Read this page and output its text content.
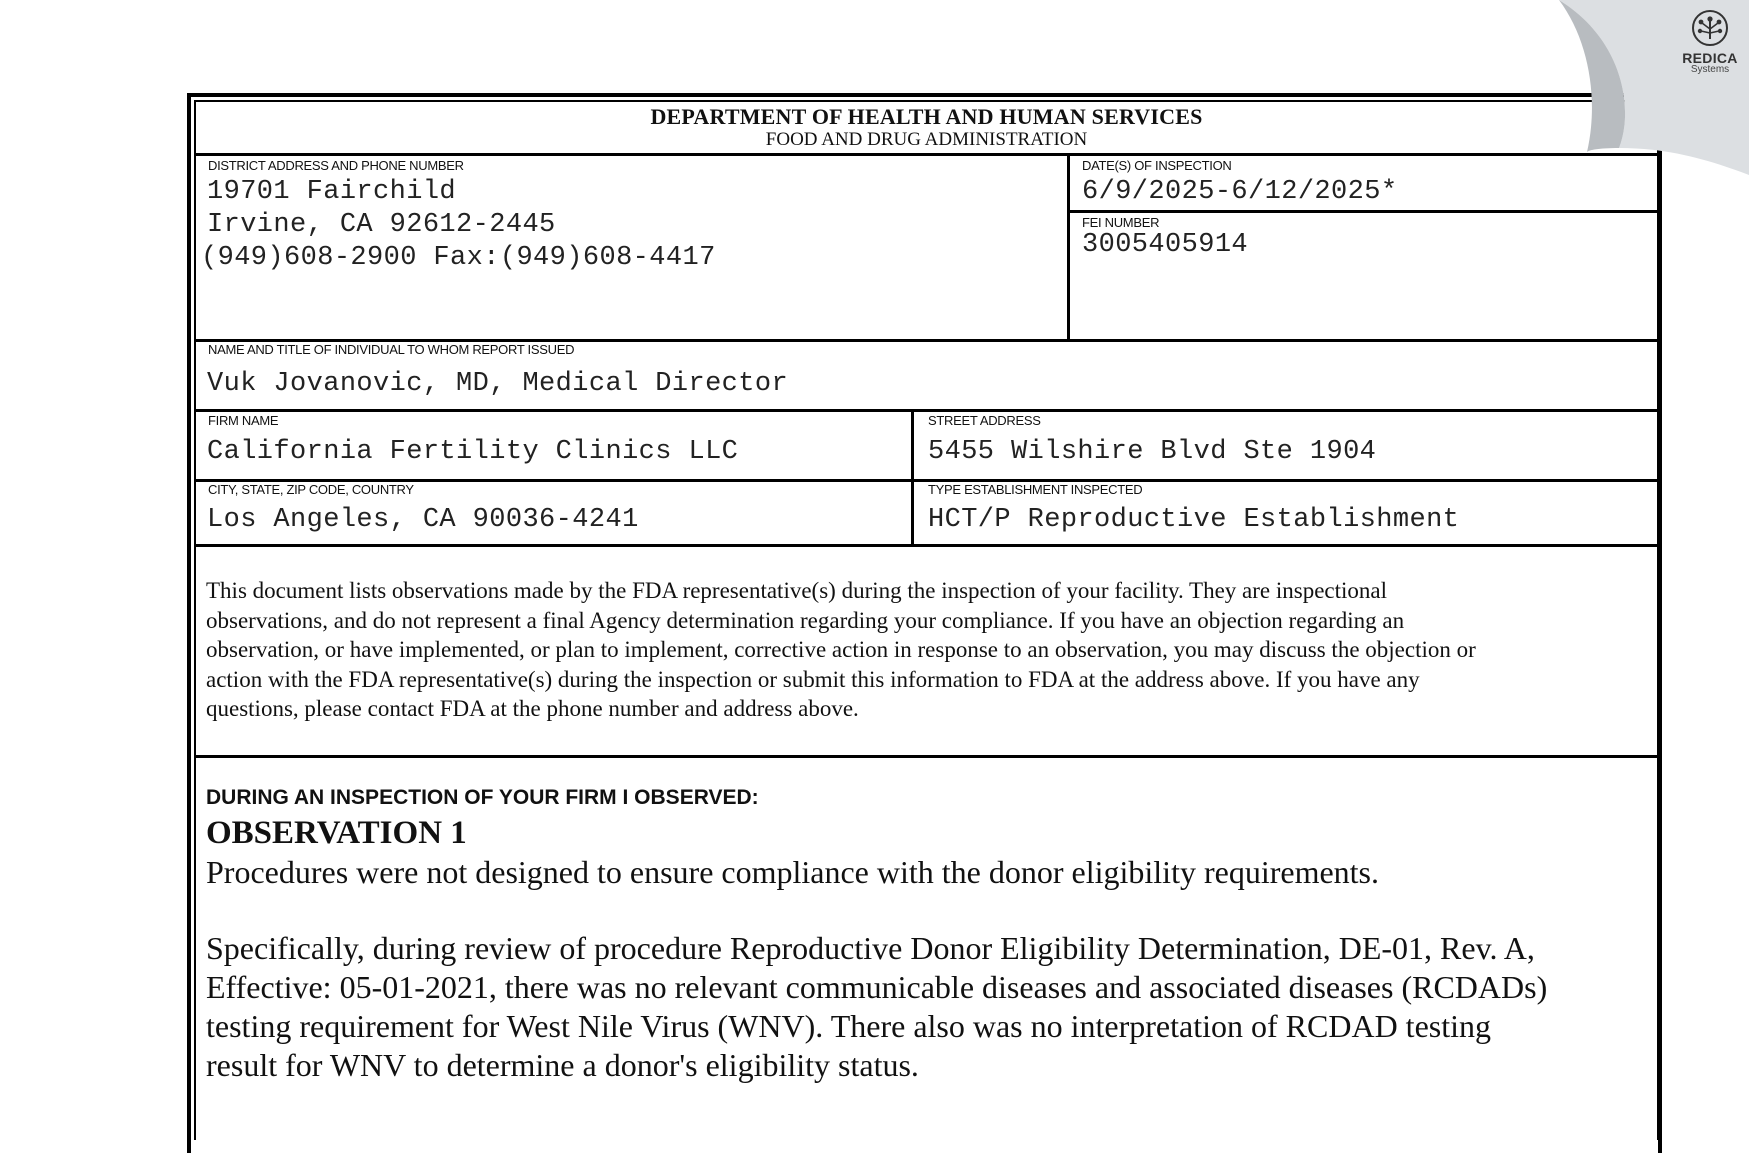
DEPARTMENT OF HEALTH AND HUMAN SERVICES
FOOD AND DRUG ADMINISTRATION
DISTRICT ADDRESS AND PHONE NUMBER
19701 Fairchild
Irvine, CA 92612-2445
(949)608-2900 Fax:(949)608-4417
DATE(S) OF INSPECTION
6/9/2025-6/12/2025*
FEI NUMBER
3005405914
NAME AND TITLE OF INDIVIDUAL TO WHOM REPORT ISSUED
Vuk Jovanovic, MD, Medical Director
FIRM NAME
California Fertility Clinics LLC
STREET ADDRESS
5455 Wilshire Blvd Ste 1904
CITY, STATE, ZIP CODE, COUNTRY
Los Angeles, CA 90036-4241
TYPE ESTABLISHMENT INSPECTED
HCT/P Reproductive Establishment
This document lists observations made by the FDA representative(s) during the inspection of your facility. They are inspectional
observations, and do not represent a final Agency determination regarding your compliance. If you have an objection regarding an
observation, or have implemented, or plan to implement, corrective action in response to an observation, you may discuss the objection or
action with the FDA representative(s) during the inspection or submit this information to FDA at the address above. If you have any
questions, please contact FDA at the phone number and address above.
DURING AN INSPECTION OF YOUR FIRM I OBSERVED:
OBSERVATION 1
Procedures were not designed to ensure compliance with the donor eligibility requirements.
Specifically, during review of procedure Reproductive Donor Eligibility Determination, DE-01, Rev. A,
Effective: 05-01-2021, there was no relevant communicable diseases and associated diseases (RCDADs)
testing requirement for West Nile Virus (WNV). There also was no interpretation of RCDAD testing
result for WNV to determine a donor's eligibility status.
REDICA
Systems
